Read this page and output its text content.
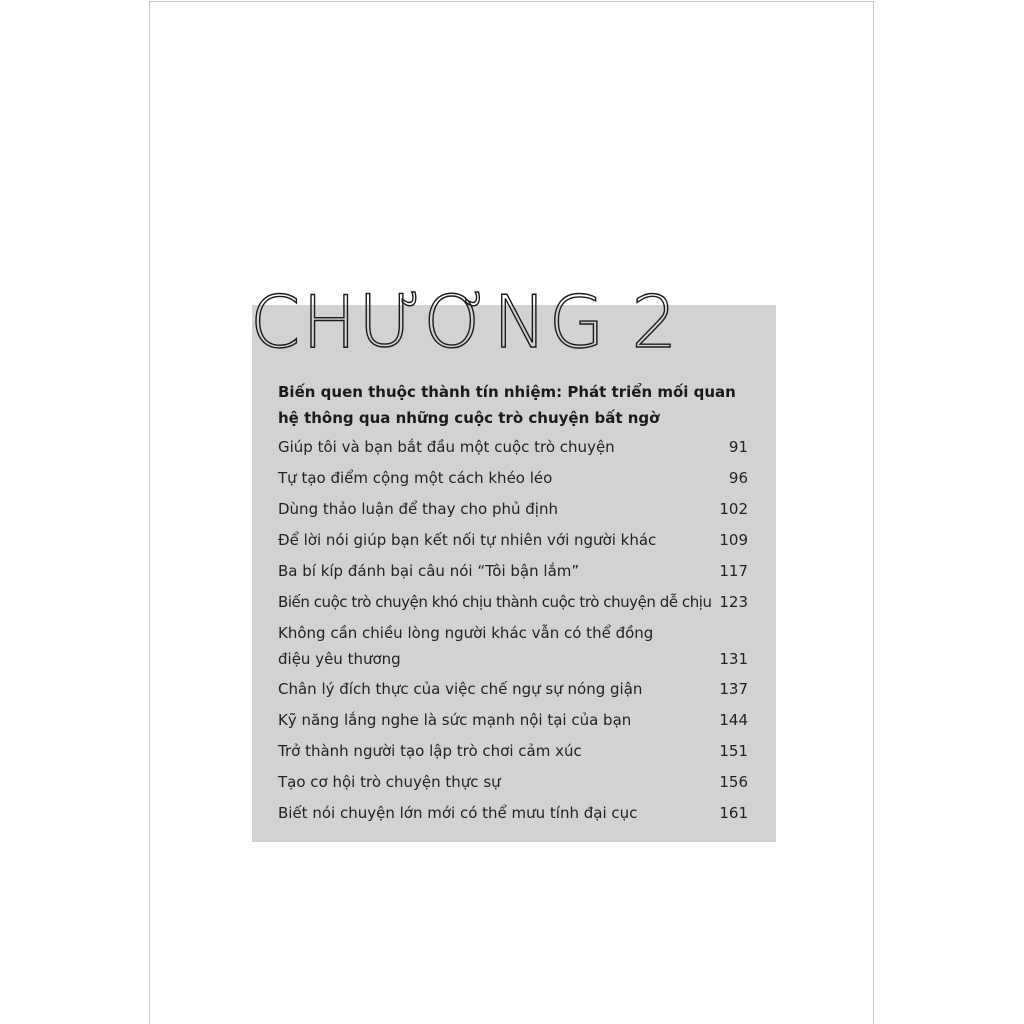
CHƯƠNG 2
Biến quen thuộc thành tín nhiệm: Phát triển mối quan hệ thông qua những cuộc trò chuyện bất ngờ
Giúp tôi và bạn bắt đầu một cuộc trò chuyện	91
Tự tạo điểm cộng một cách khéo léo	96
Dùng thảo luận để thay cho phủ định	102
Để lời nói giúp bạn kết nối tự nhiên với người khác	109
Ba bí kíp đánh bại câu nói “Tôi bận lắm”	117
Biến cuộc trò chuyện khó chịu thành cuộc trò chuyện dễ chịu 123
Không cần chiều lòng người khác vẫn có thể đồng điệu yêu thương	131
Chân lý đích thực của việc chế ngự sự nóng giận	137
Kỹ năng lắng nghe là sức mạnh nội tại của bạn	144
Trở thành người tạo lập trò chơi cảm xúc	151
Tạo cơ hội trò chuyện thực sự	156
Biết nói chuyện lớn mới có thể mưu tính đại cục	161
